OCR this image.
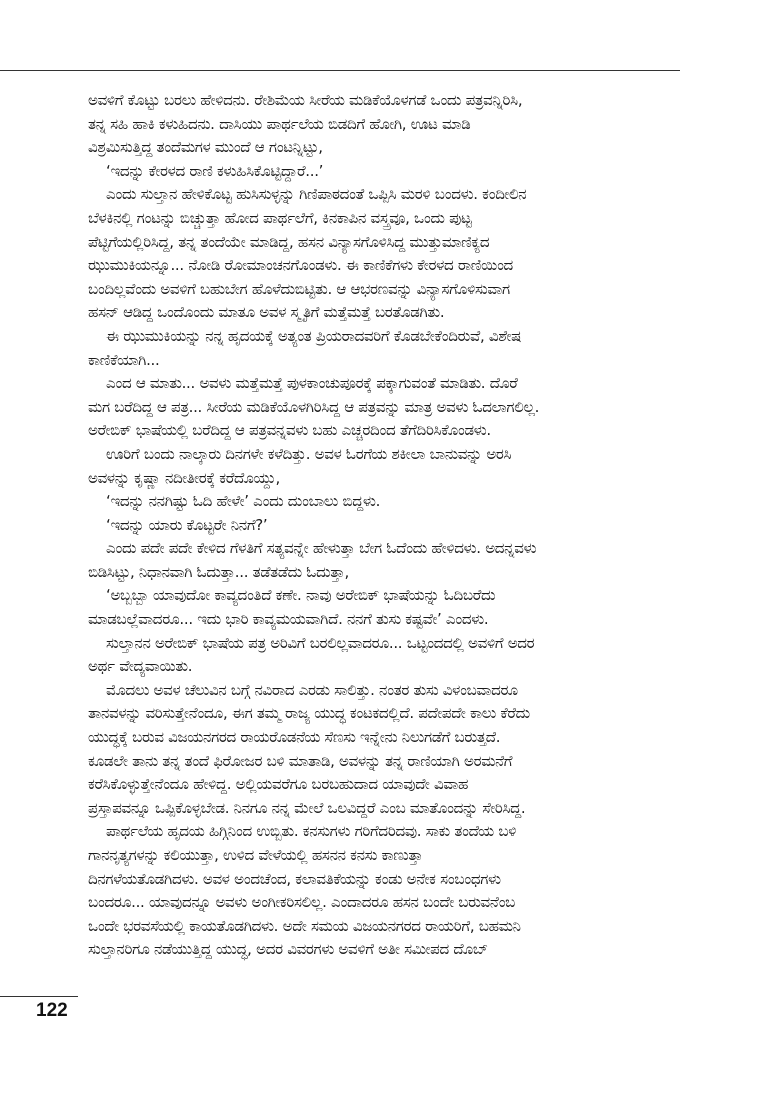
ಅವಳಿಗೆ ಕೊಟ್ಟು ಬರಲು ಹೇಳಿದನು. ರೇಶಿಮೆಯ ಸೀರೆಯ ಮಡಿಕೆಯೊಳಗಡೆ ಒಂದು ಪತ್ರವನ್ನಿರಿಸಿ,
ತನ್ನ ಸಹಿ ಹಾಕಿ ಕಳುಹಿದನು. ದಾಸಿಯು ಪಾರ್ಥಲೆಯ ಬಿಡದಿಗೆ ಹೋಗಿ, ಊಟ ಮಾಡಿ
ವಿಶ್ರಮಿಸುತ್ತಿದ್ದ ತಂದೆಮಗಳ ಮುಂದೆ ಆ ಗಂಟನ್ನಿಟ್ಟು,
‘ಇದನ್ನು ಕೇರಳದ ರಾಣಿ ಕಳುಹಿಸಿಕೊಟ್ಟಿದ್ದಾರೆ...’
ಎಂದು ಸುಲ್ತಾನ ಹೇಳಿಕೊಟ್ಟ ಹುಸಿಸುಳ್ಳನ್ನು ಗಿಣಿಪಾಠದಂತೆ ಒಪ್ಪಿಸಿ ಮರಳಿ ಬಂದಳು. ಕಂದೀಲಿನ
ಬೆಳಕಿನಲ್ಲಿ ಗಂಟನ್ನು ಬಿಚ್ಚುತ್ತಾ ಹೋದ ಪಾರ್ಥಲೆಗೆ, ಕಿನಕಾಪಿನ ವಸ್ತ್ರವೂ, ಒಂದು ಪುಟ್ಟ
ಪೆಟ್ಟಿಗೆಯಲ್ಲಿರಿಸಿದ್ದ, ತನ್ನ ತಂದೆಯೇ ಮಾಡಿದ್ದ, ಹಸನ ವಿನ್ಯಾಸಗೊಳಿಸಿದ್ದ ಮುತ್ತುಮಾಣಿಕ್ಯದ
ಝುಮುಕಿಯನ್ನೂ... ನೋಡಿ ರೋಮಾಂಚನಗೊಂಡಳು. ಈ ಕಾಣಿಕೆಗಳು ಕೇರಳದ ರಾಣಿಯಿಂದ
ಬಂದಿಲ್ಲವೆಂದು ಅವಳಿಗೆ ಬಹುಬೇಗ ಹೊಳೆದುಬಿಟ್ಟಿತು. ಆ ಆಭರಣವನ್ನು ವಿನ್ಯಾಸಗೊಳಿಸುವಾಗ
ಹಸನ್ ಆಡಿದ್ದ ಒಂದೊಂದು ಮಾತೂ ಅವಳ ಸ್ಮೃತಿಗೆ ಮತ್ತೆಮತ್ತೆ ಬರತೊಡಗಿತು.
ಈ ಝುಮುಕಿಯನ್ನು ನನ್ನ ಹೃದಯಕ್ಕೆ ಅತ್ಯಂತ ಪ್ರಿಯರಾದವರಿಗೆ ಕೊಡಬೇಕೆಂದಿರುವೆ, ವಿಶೇಷ
ಕಾಣಿಕೆಯಾಗಿ...
ಎಂದ ಆ ಮಾತು... ಅವಳು ಮತ್ತೆಮತ್ತೆ ಪುಳಕಾಂಚುಪೂರಕ್ಕೆ ಪಕ್ಕಾಗುವಂತೆ ಮಾಡಿತು. ದೊರೆ
ಮಗ ಬರೆದಿದ್ದ ಆ ಪತ್ರ... ಸೀರೆಯ ಮಡಿಕೆಯೊಳಗಿರಿಸಿದ್ದ ಆ ಪತ್ರವನ್ನು ಮಾತ್ರ ಅವಳು ಓದಲಾಗಲಿಲ್ಲ.
ಅರೇಬಿಕ್ ಭಾಷೆಯಲ್ಲಿ ಬರೆದಿದ್ದ ಆ ಪತ್ರವನ್ನವಳು ಬಹು ಎಚ್ಚರದಿಂದ ತೆಗೆದಿರಿಸಿಕೊಂಡಳು.
ಊರಿಗೆ ಬಂದು ನಾಲ್ಕಾರು ದಿನಗಳೇ ಕಳೆದಿತ್ತು. ಅವಳ ಓರಗೆಯ ಶಕೀಲಾ ಬಾನುವನ್ನು ಅರಸಿ
ಅವಳನ್ನು ಕೃಷ್ಣಾ ನದೀತೀರಕ್ಕೆ ಕರೆದೊಯ್ದು,
‘ಇದನ್ನು ನನಗಿಷ್ಟು ಓದಿ ಹೇಳೇ’ ಎಂದು ದುಂಬಾಲು ಬಿದ್ದಳು.
‘ಇದನ್ನು ಯಾರು ಕೊಟ್ಟರೇ ನಿನಗೆ?’
ಎಂದು ಪದೇ ಪದೇ ಕೇಳಿದ ಗೆಳತಿಗೆ ಸತ್ಯವನ್ನೇ ಹೇಳುತ್ತಾ ಬೇಗ ಓದೆಂದು ಹೇಳಿದಳು. ಅದನ್ನವಳು
ಬಿಡಿಸಿಟ್ಟು, ನಿಧಾನವಾಗಿ ಓದುತ್ತಾ... ತಡೆತಡೆದು ಓದುತ್ತಾ,
‘ಅಬ್ಬಬ್ಬಾ ಯಾವುದೋ ಕಾವ್ಯದಂತಿದೆ ಕಣೇ. ನಾವು ಅರೇಬಿಕ್ ಭಾಷೆಯನ್ನು ಓದಿಬರೆದು
ಮಾಡಬಲ್ಲೆವಾದರೂ... ಇದು ಭಾರಿ ಕಾವ್ಯಮಯವಾಗಿದೆ. ನನಗೆ ತುಸು ಕಷ್ಟವೇ’ ಎಂದಳು.
ಸುಲ್ತಾನನ ಅರೇಬಿಕ್ ಭಾಷೆಯ ಪತ್ರ ಅರಿವಿಗೆ ಬರಲಿಲ್ಲವಾದರೂ... ಒಟ್ಟಂದದಲ್ಲಿ ಅವಳಿಗೆ ಅದರ
ಅರ್ಥ ವೇದ್ಯವಾಯಿತು.
ಮೊದಲು ಅವಳ ಚೆಲುವಿನ ಬಗ್ಗೆ ನವಿರಾದ ಎರಡು ಸಾಲಿತ್ತು. ನಂತರ ತುಸು ವಿಳಂಬವಾದರೂ
ತಾನವಳನ್ನು ವರಿಸುತ್ತೇನೆಂದೂ, ಈಗ ತಮ್ಮ ರಾಜ್ಯ ಯುದ್ಧ ಕಂಟಕದಲ್ಲಿದೆ. ಪದೇಪದೇ ಕಾಲು ಕೆರೆದು
ಯುದ್ಧಕ್ಕೆ ಬರುವ ವಿಜಯನಗರದ ರಾಯರೊಡನೆಯ ಸೆಣಸು ಇನ್ನೇನು ನಿಲುಗಡೆಗೆ ಬರುತ್ತದೆ.
ಕೂಡಲೇ ತಾನು ತನ್ನ ತಂದೆ ಫಿರೋಜರ ಬಳಿ ಮಾತಾಡಿ, ಅವಳನ್ನು ತನ್ನ ರಾಣಿಯಾಗಿ ಅರಮನೆಗೆ
ಕರೆಸಿಕೊಳ್ಳುತ್ತೇನೆಂದೂ ಹೇಳಿದ್ದ. ಅಲ್ಲಿಯವರೆಗೂ ಬರಬಹುದಾದ ಯಾವುದೇ ವಿವಾಹ
ಪ್ರಸ್ತಾಪವನ್ನೂ ಒಪ್ಪಿಕೊಳ್ಳಬೇಡ. ನಿನಗೂ ನನ್ನ ಮೇಲೆ ಒಲವಿದ್ದರೆ ಎಂಬ ಮಾತೊಂದನ್ನು ಸೇರಿಸಿದ್ದ.
ಪಾರ್ಥಲೆಯ ಹೃದಯ ಹಿಗ್ಗಿನಿಂದ ಉಬ್ಬಿತು. ಕನಸುಗಳು ಗರಿಗೆದರಿದವು. ಸಾಕು ತಂದೆಯ ಬಳಿ
ಗಾನನೃತ್ಯಗಳನ್ನು ಕಲಿಯುತ್ತಾ, ಉಳಿದ ವೇಳೆಯಲ್ಲಿ ಹಸನನ ಕನಸು ಕಾಣುತ್ತಾ
ದಿನಗಳೆಯತೊಡಗಿದಳು. ಅವಳ ಅಂದಚೆಂದ, ಕಲಾವತಿಕೆಯನ್ನು ಕಂಡು ಅನೇಕ ಸಂಬಂಧಗಳು
ಬಂದರೂ... ಯಾವುದನ್ನೂ ಅವಳು ಅಂಗೀಕರಿಸಲಿಲ್ಲ. ಎಂದಾದರೂ ಹಸನ ಬಂದೇ ಬರುವನೆಂಬ
ಒಂದೇ ಭರವಸೆಯಲ್ಲಿ ಕಾಯತೊಡಗಿದಳು. ಅದೇ ಸಮಯ ವಿಜಯನಗರದ ರಾಯರಿಗೆ, ಬಹಮನಿ
ಸುಲ್ತಾನರಿಗೂ ನಡೆಯುತ್ತಿದ್ದ ಯುದ್ಧ, ಅದರ ವಿವರಗಳು ಅವಳಿಗೆ ಅತೀ ಸಮೀಪದ ದೊಬ್
122
